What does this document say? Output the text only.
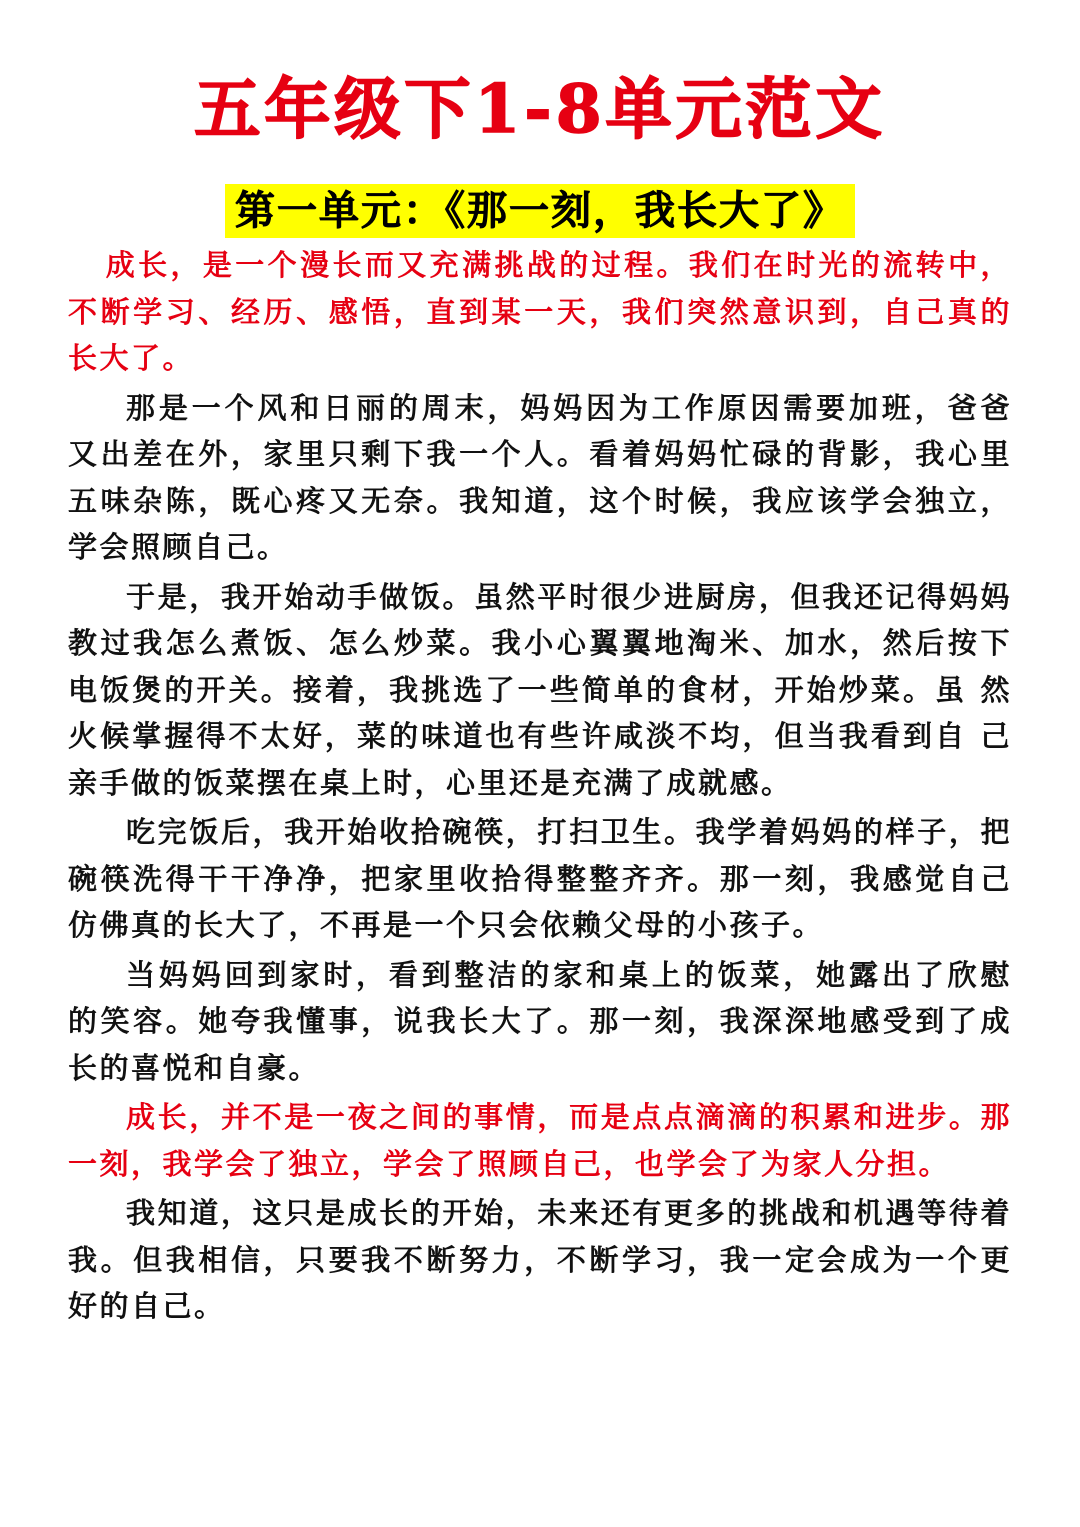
五年级下1-8单元范文
第一单元：《那一刻，我长大了》

成长，是一个漫长而又充满挑战的过程。我们在时光的流转中，不断学习、经历、感悟，直到某一天，我们突然意识到，自己真的长大了。

那是一个风和日丽的周末，妈妈因为工作原因需要加班，爸爸 又出差在外，家里只剩下我一个人。看着妈妈忙碌的背影，我心里 五味杂陈，既心疼又无奈。我知道，这个时候，我应该学会独立， 学会照顾自己。

于是，我开始动手做饭。虽然平时很少进厨房，但我还记得妈妈教过我怎么煮饭、怎么炒菜。我小心翼翼地淘米、加水，然后按下电饭煲的开关。接着，我挑选了一些简单的食材，开始炒菜。虽 然火候掌握得不太好，菜的味道也有些许咸淡不均，但当我看到自 己亲手做的饭菜摆在桌上时，心里还是充满了成就感。

吃完饭后，我开始收拾碗筷，打扫卫生。我学着妈妈的样子，把碗筷洗得干干净净，把家里收拾得整整齐齐。那一刻，我感觉自己仿佛真的长大了，不再是一个只会依赖父母的小孩子。

当妈妈回到家时，看到整洁的家和桌上的饭菜，她露出了欣慰 的笑容。她夸我懂事，说我长大了。那一刻，我深深地感受到了成 长的喜悦和自豪。

成长，并不是一夜之间的事情，而是点点滴滴的积累和进步。那一刻，我学会了独立，学会了照顾自己，也学会了为家人分担。

我知道，这只是成长的开始，未来还有更多的挑战和机遇等待着 我。但我相信，只要我不断努力，不断学习，我一定会成为一个更 好的自己。
